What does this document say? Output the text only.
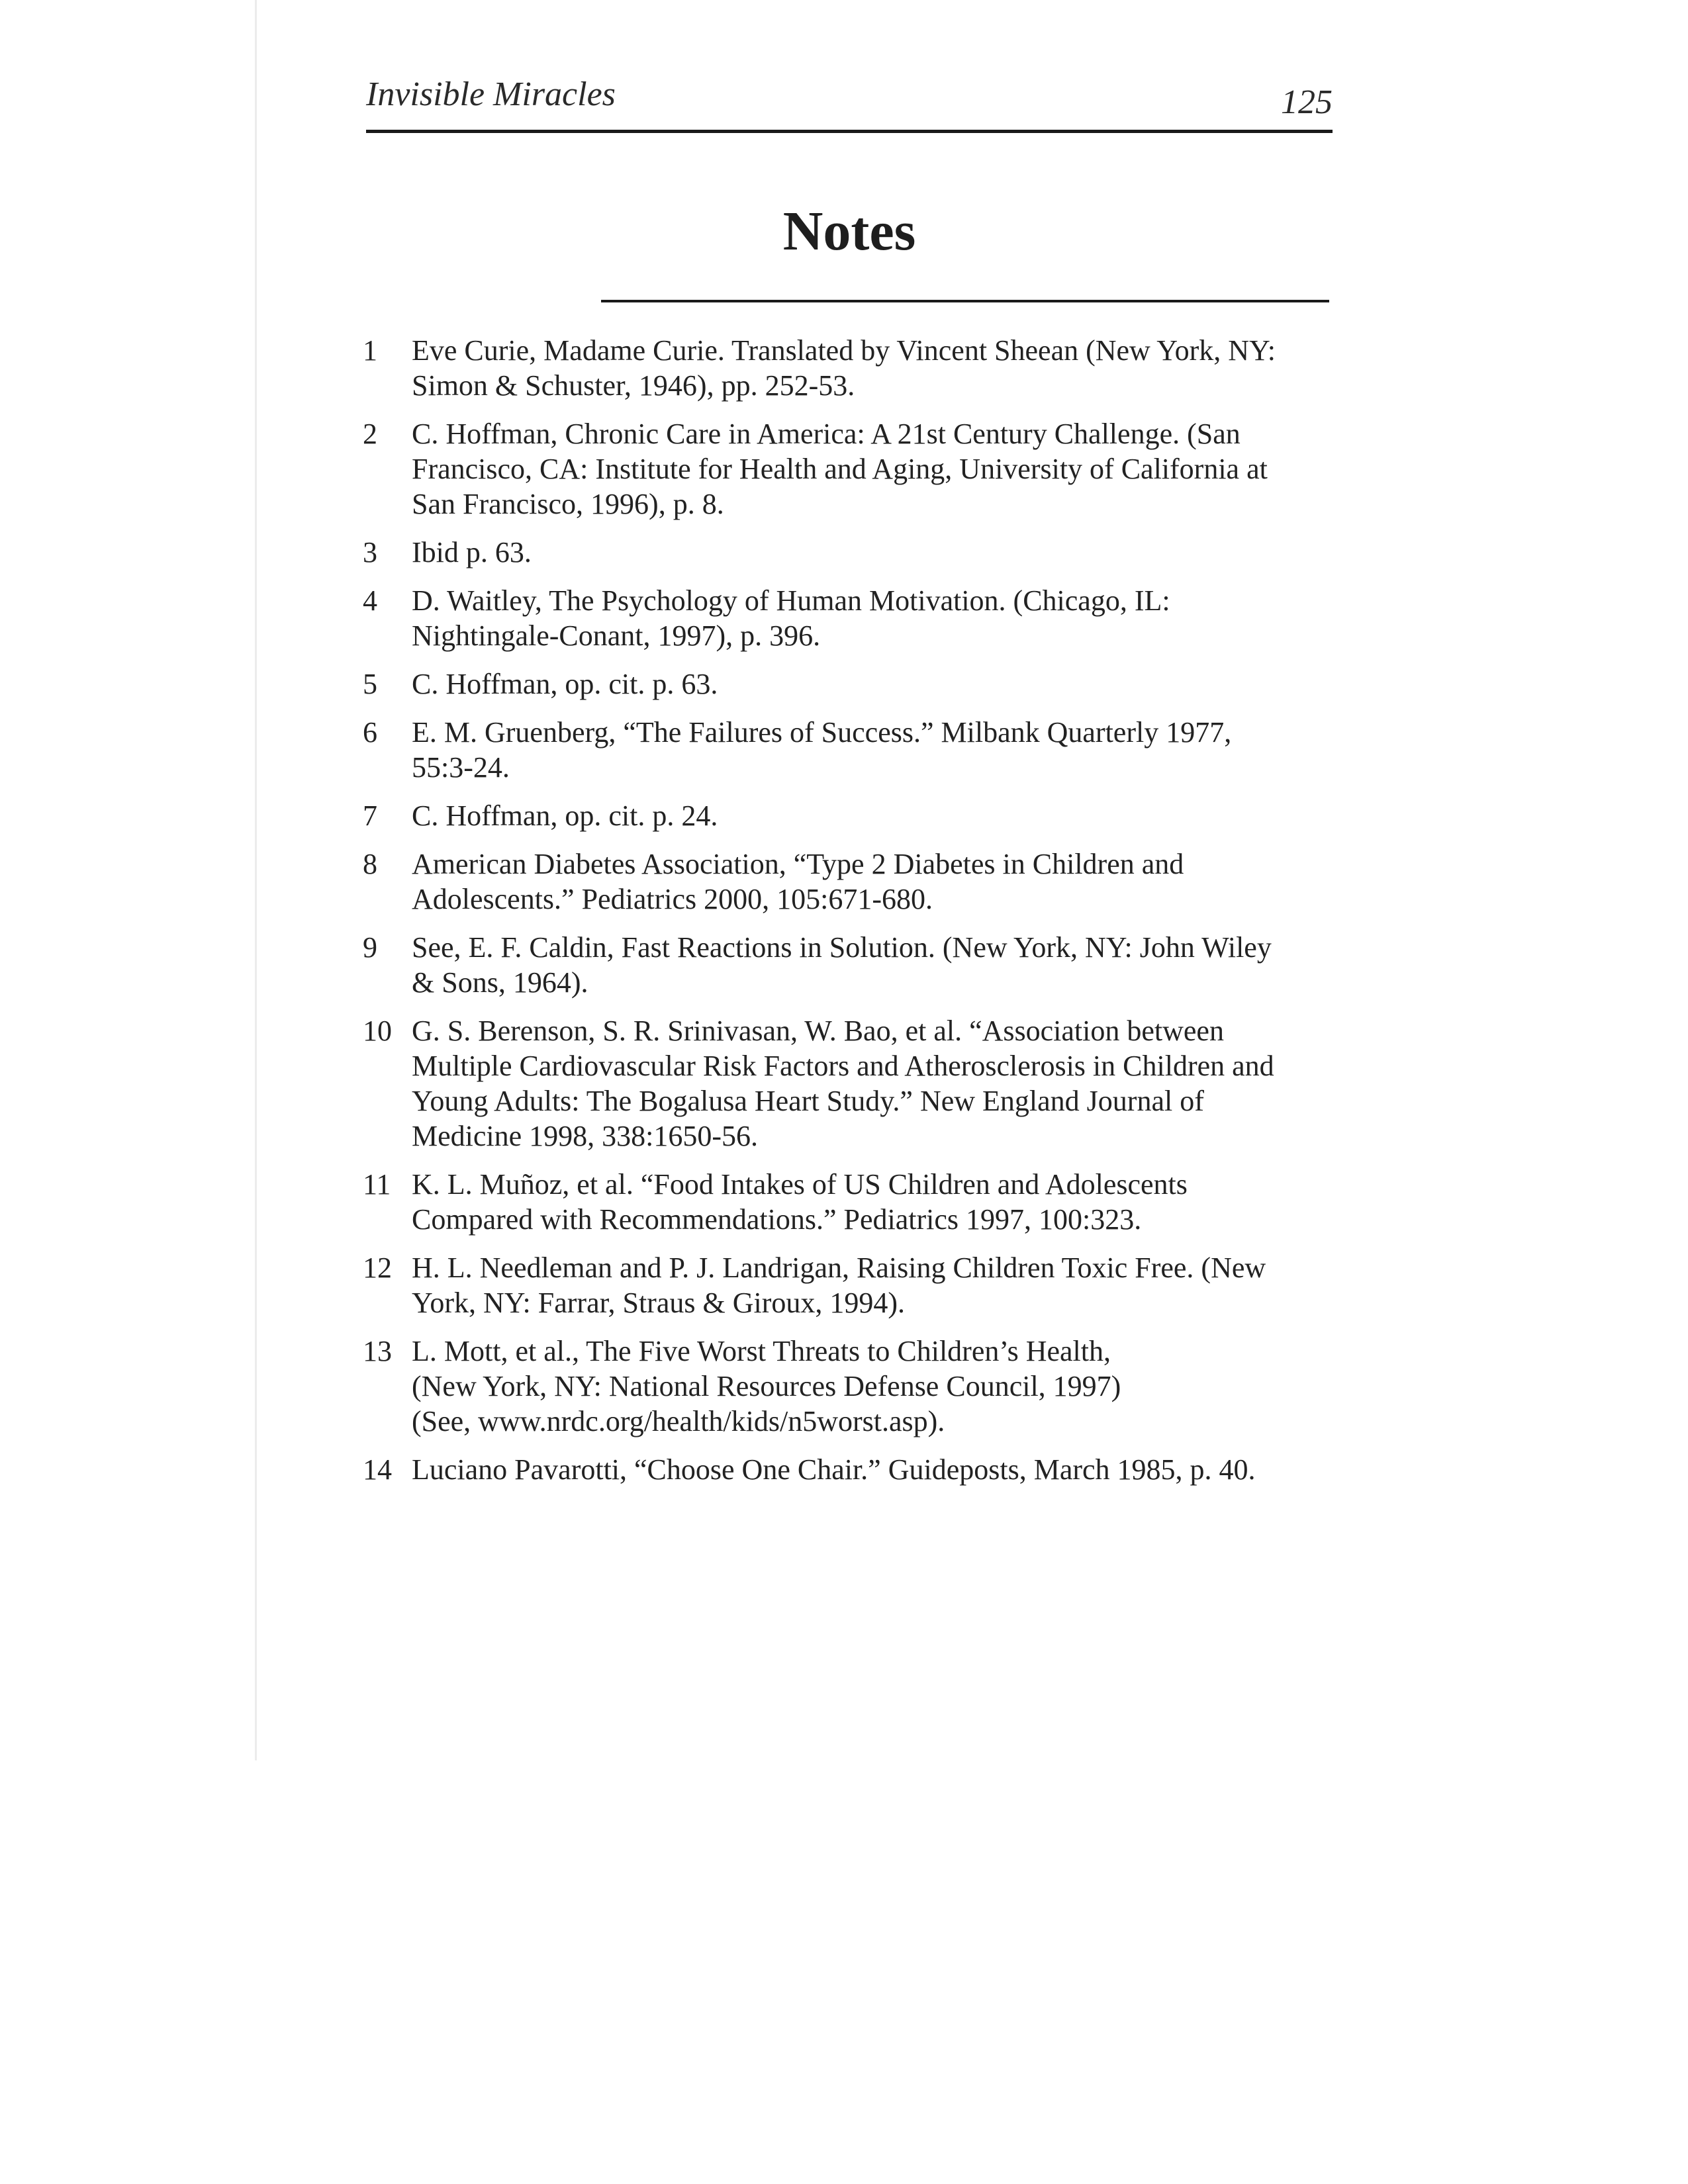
Invisible Miracles	125
Notes
1	Eve Curie, Madame Curie. Translated by Vincent Sheean (New York, NY:
Simon & Schuster, 1946), pp. 252-53.
2	C. Hoffman, Chronic Care in America: A 21st Century Challenge. (San
Francisco, CA: Institute for Health and Aging, University of California at
San Francisco, 1996), p. 8.
3	Ibid p. 63.
4	D. Waitley, The Psychology of Human Motivation. (Chicago, IL:
Nightingale-Conant, 1997), p. 396.
5	C. Hoffman, op. cit. p. 63.
6	E. M. Gruenberg, “The Failures of Success.” Milbank Quarterly 1977,
55:3-24.
7	C. Hoffman, op. cit. p. 24.
8	American Diabetes Association, “Type 2 Diabetes in Children and
Adolescents.” Pediatrics 2000, 105:671-680.
9	See, E. F. Caldin, Fast Reactions in Solution. (New York, NY: John Wiley
& Sons, 1964).
10 G. S. Berenson, S. R. Srinivasan, W. Bao, et al. “Association between
Multiple Cardiovascular Risk Factors and Atherosclerosis in Children and
Young Adults: The Bogalusa Heart Study.” New England Journal of
Medicine 1998, 338:1650-56.
11 K. L. Muñoz, et al. “Food Intakes of US Children and Adolescents
Compared with Recommendations.” Pediatrics 1997, 100:323.
12 H. L. Needleman and P. J. Landrigan, Raising Children Toxic Free. (New
York, NY: Farrar, Straus & Giroux, 1994).
13 L. Mott, et al., The Five Worst Threats to Children’s Health,
(New York, NY: National Resources Defense Council, 1997)
(See, www.nrdc.org/health/kids/n5worst.asp).
14 Luciano Pavarotti, “Choose One Chair.” Guideposts, March 1985, p. 40.
